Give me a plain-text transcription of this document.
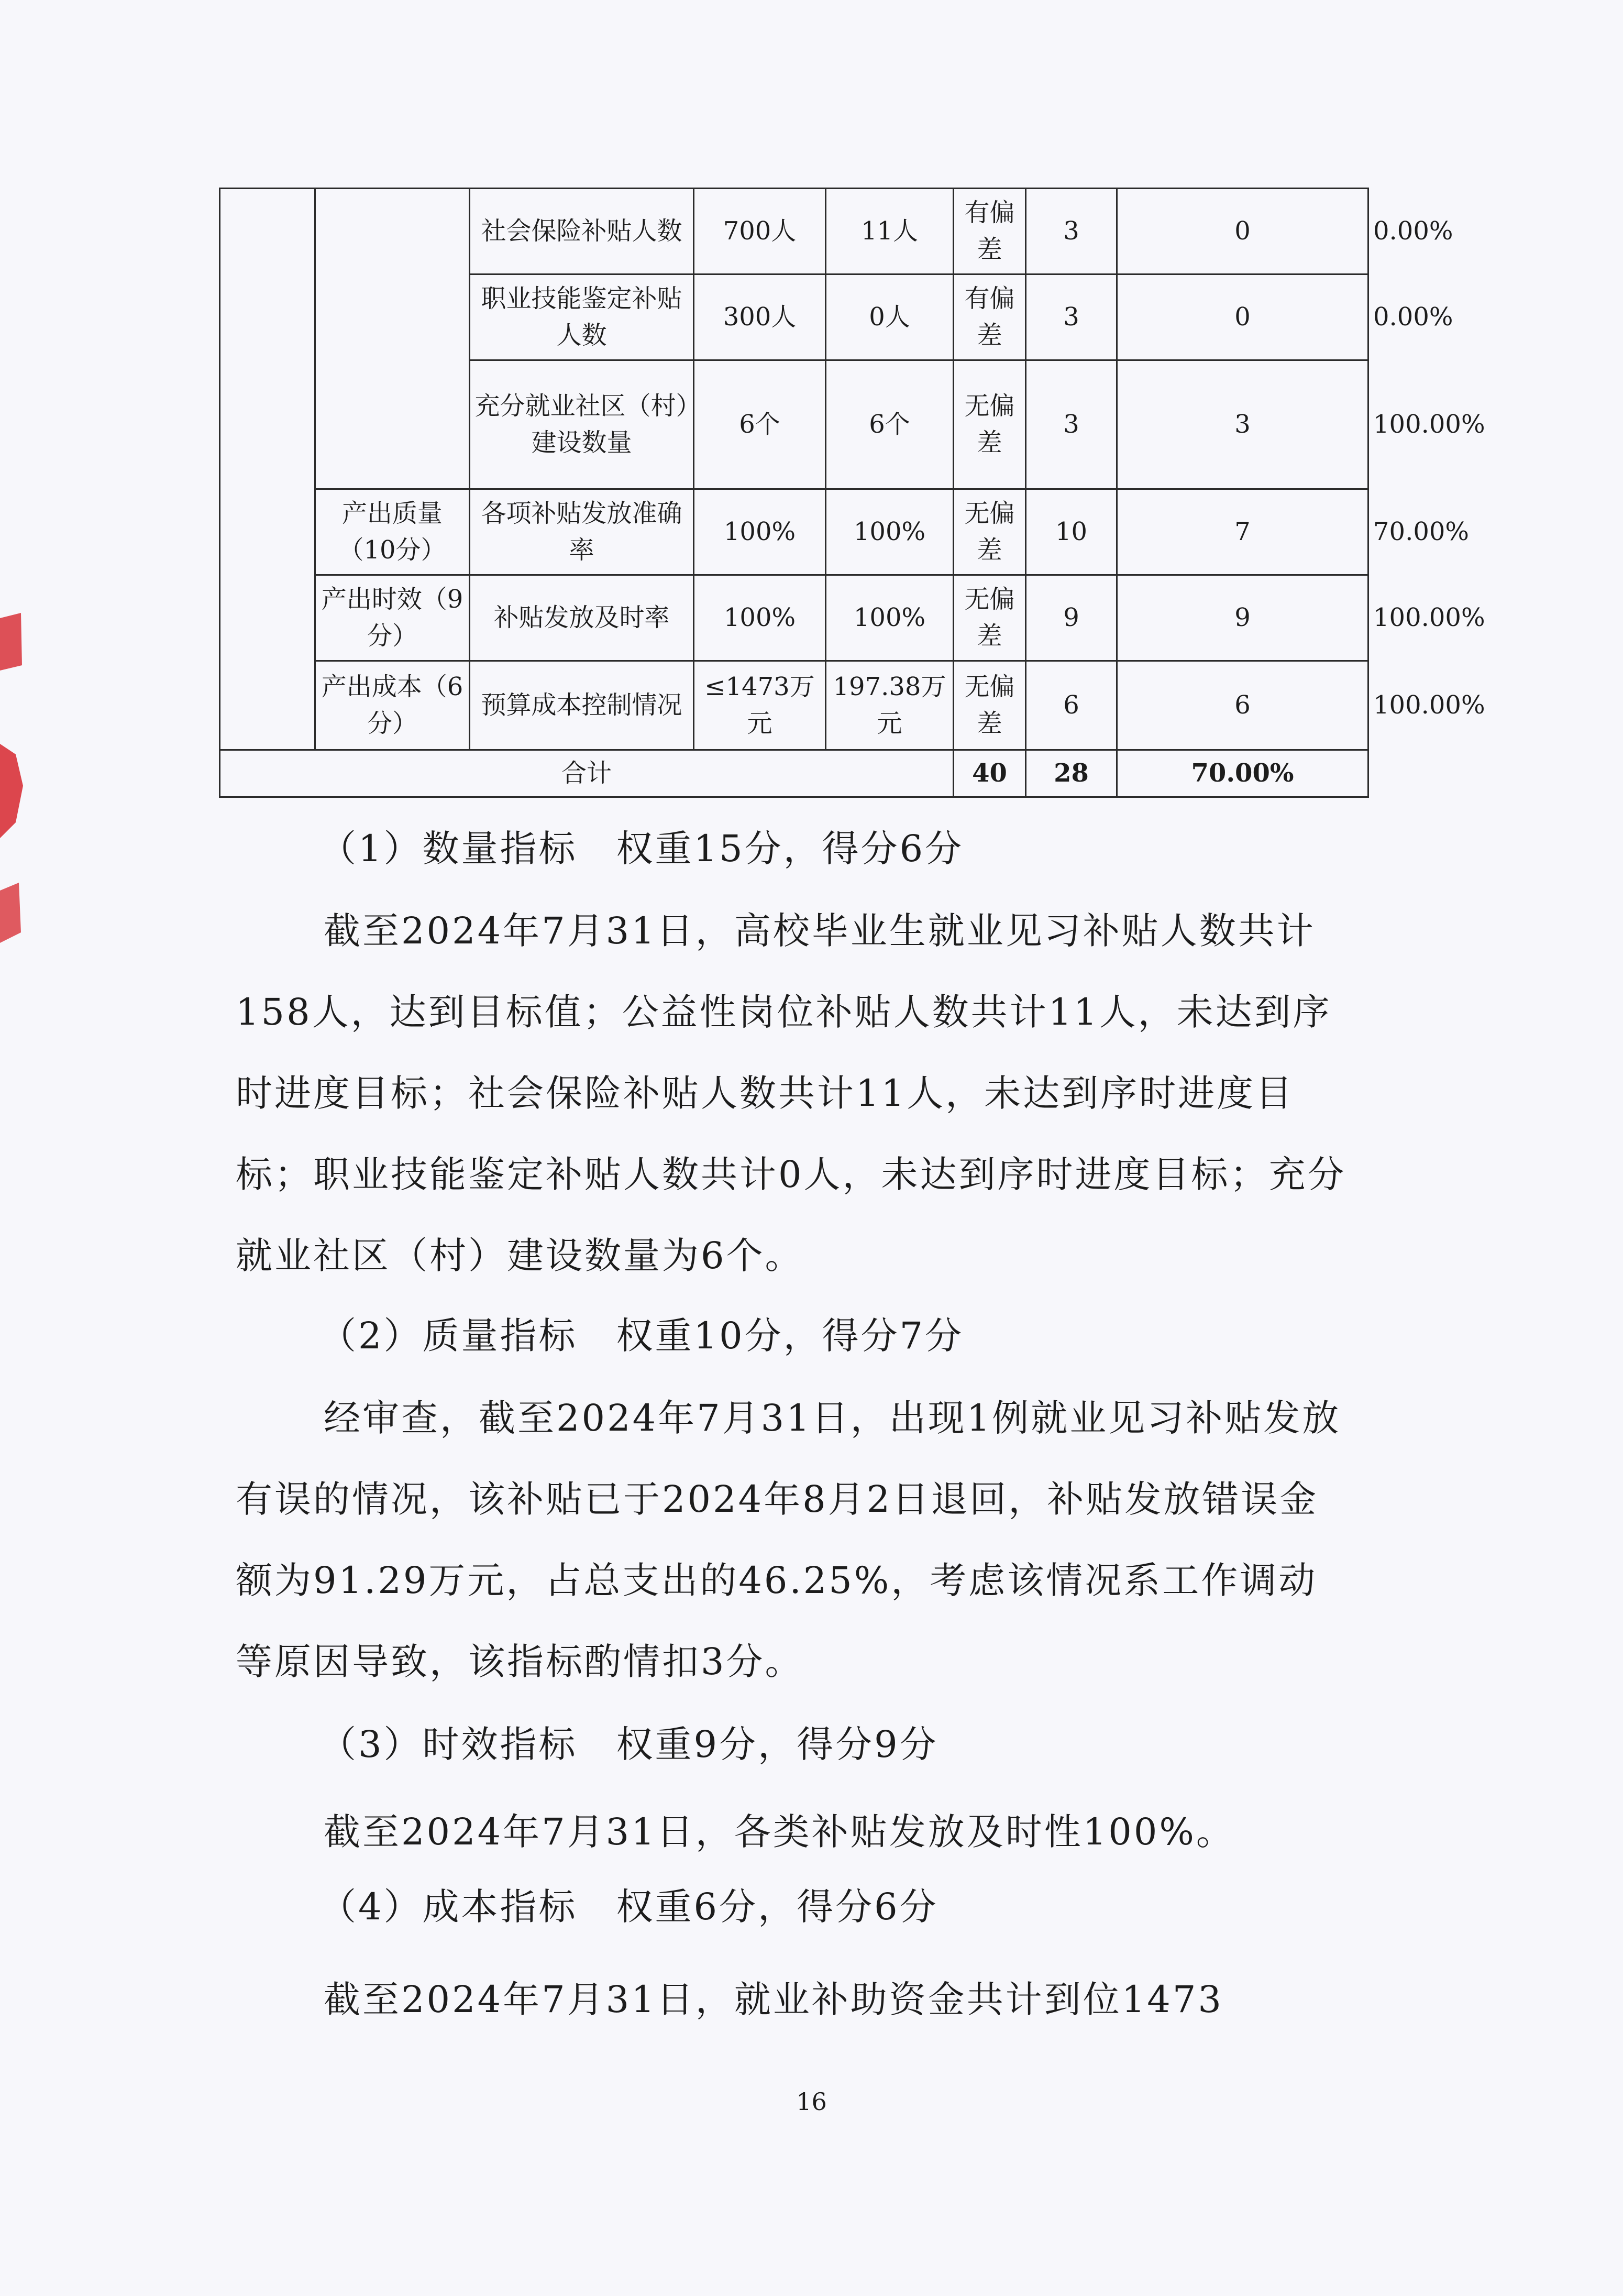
		社会保险补贴人数	700人	11人	有偏差	3	0	0.00%
		职业技能鉴定补贴人数	300人	0人	有偏差	3	0	0.00%
		充分就业社区（村）建设数量	6个	6个	无偏差	3	3	100.00%
	产出质量（10分）	各项补贴发放准确率	100%	100%	无偏差	10	7	70.00%
	产出时效（9分）	补贴发放及时率	100%	100%	无偏差	9	9	100.00%
	产出成本（6分）	预算成本控制情况	≤1473万元	197.38万元	无偏差	6	6	100.00%
合计					40	28	70.00%	

（1）数量指标　权重15分，得分6分

截至2024年7月31日，高校毕业生就业见习补贴人数共计158人，达到目标值；公益性岗位补贴人数共计11人，未达到序时进度目标；社会保险补贴人数共计11人，未达到序时进度目标；职业技能鉴定补贴人数共计0人，未达到序时进度目标；充分就业社区（村）建设数量为6个。

（2）质量指标　权重10分，得分7分

经审查，截至2024年7月31日，出现1例就业见习补贴发放有误的情况，该补贴已于2024年8月2日退回，补贴发放错误金额为91.29万元，占总支出的46.25%，考虑该情况系工作调动等原因导致，该指标酌情扣3分。

（3）时效指标　权重9分，得分9分

截至2024年7月31日，各类补贴发放及时性100%。

（4）成本指标　权重6分，得分6分

截至2024年7月31日，就业补助资金共计到位1473

16
